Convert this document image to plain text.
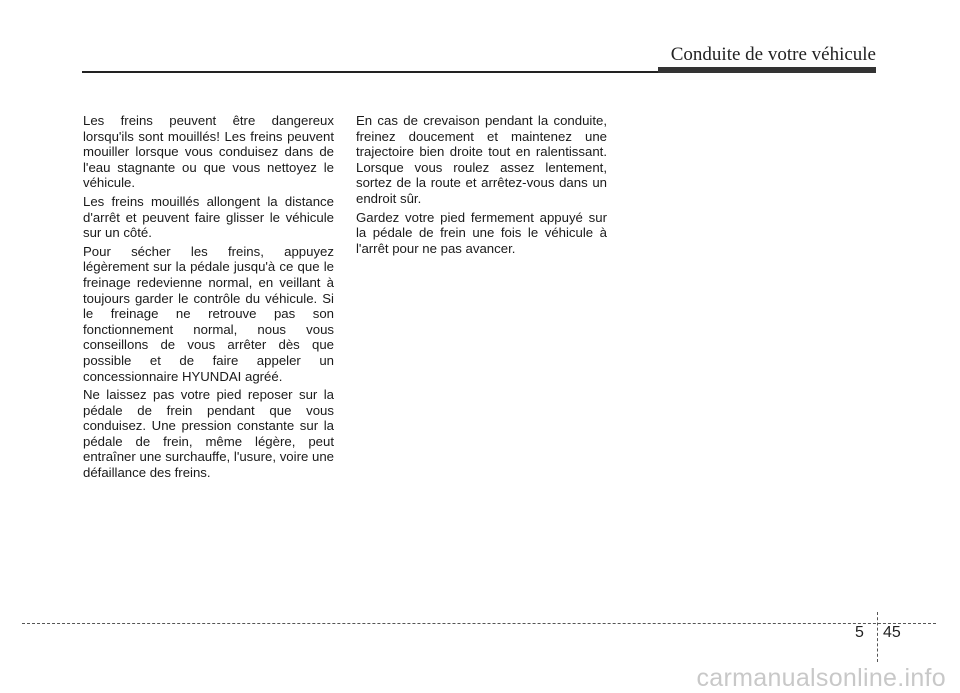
Conduite de votre véhicule

Les freins peuvent être dangereux lorsqu'ils sont mouillés! Les freins peuvent mouiller lorsque vous conduisez dans de l'eau stagnante ou que vous nettoyez le véhicule.

Les freins mouillés allongent la distance d'arrêt et peuvent faire glisser le véhicule sur un côté.

Pour sécher les freins, appuyez légèrement sur la pédale jusqu'à ce que le freinage redevienne normal, en veillant à toujours garder le contrôle du véhicule. Si le freinage ne retrouve pas son fonctionnement normal, nous vous conseillons de vous arrêter dès que possible et de faire appeler un concessionnaire HYUNDAI agréé.

Ne laissez pas votre pied reposer sur la pédale de frein pendant que vous conduisez. Une pression constante sur la pédale de frein, même légère, peut entraîner une surchauffe, l'usure, voire une défaillance des freins.

En cas de crevaison pendant la conduite, freinez doucement et maintenez une trajectoire bien droite tout en ralentissant. Lorsque vous roulez assez lentement, sortez de la route et arrêtez-vous dans un endroit sûr.

Gardez votre pied fermement appuyé sur la pédale de frein une fois le véhicule à l'arrêt pour ne pas avancer.

5 45
carmanualsonline.info
